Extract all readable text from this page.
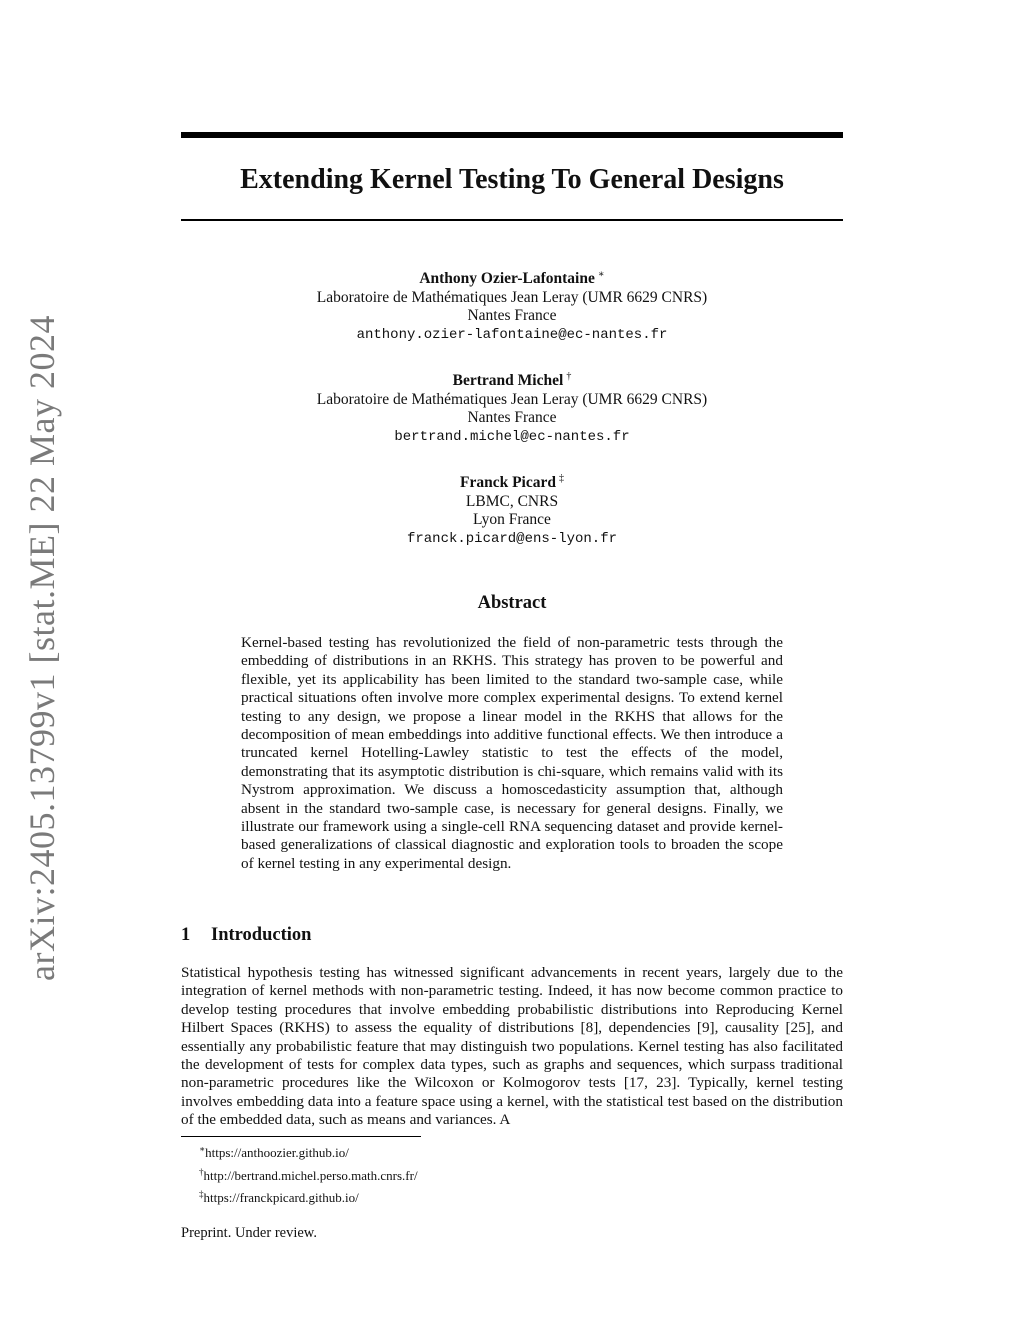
arXiv:2405.13799v1 [stat.ME] 22 May 2024
Extending Kernel Testing To General Designs
Anthony Ozier-Lafontaine ∗
Laboratoire de Mathématiques Jean Leray (UMR 6629 CNRS)
Nantes France
anthony.ozier-lafontaine@ec-nantes.fr
Bertrand Michel †
Laboratoire de Mathématiques Jean Leray (UMR 6629 CNRS)
Nantes France
bertrand.michel@ec-nantes.fr
Franck Picard ‡
LBMC, CNRS
Lyon France
franck.picard@ens-lyon.fr
Abstract
Kernel-based testing has revolutionized the field of non-parametric tests through the embedding of distributions in an RKHS. This strategy has proven to be powerful and flexible, yet its applicability has been limited to the standard two-sample case, while practical situations often involve more complex experimental designs. To extend kernel testing to any design, we propose a linear model in the RKHS that allows for the decomposition of mean embeddings into additive functional effects. We then introduce a truncated kernel Hotelling-Lawley statistic to test the effects of the model, demonstrating that its asymptotic distribution is chi-square, which remains valid with its Nystrom approximation. We discuss a homoscedasticity assumption that, although absent in the standard two-sample case, is necessary for general designs. Finally, we illustrate our framework using a single-cell RNA sequencing dataset and provide kernel-based generalizations of classical diagnostic and exploration tools to broaden the scope of kernel testing in any experimental design.
1 Introduction
Statistical hypothesis testing has witnessed significant advancements in recent years, largely due to the integration of kernel methods with non-parametric testing. Indeed, it has now become common practice to develop testing procedures that involve embedding probabilistic distributions into Reproducing Kernel Hilbert Spaces (RKHS) to assess the equality of distributions [8], dependencies [9], causality [25], and essentially any probabilistic feature that may distinguish two populations. Kernel testing has also facilitated the development of tests for complex data types, such as graphs and sequences, which surpass traditional non-parametric procedures like the Wilcoxon or Kolmogorov tests [17, 23]. Typically, kernel testing involves embedding data into a feature space using a kernel, with the statistical test based on the distribution of the embedded data, such as means and variances. A
∗https://anthoozier.github.io/
†http://bertrand.michel.perso.math.cnrs.fr/
‡https://franckpicard.github.io/
Preprint. Under review.
